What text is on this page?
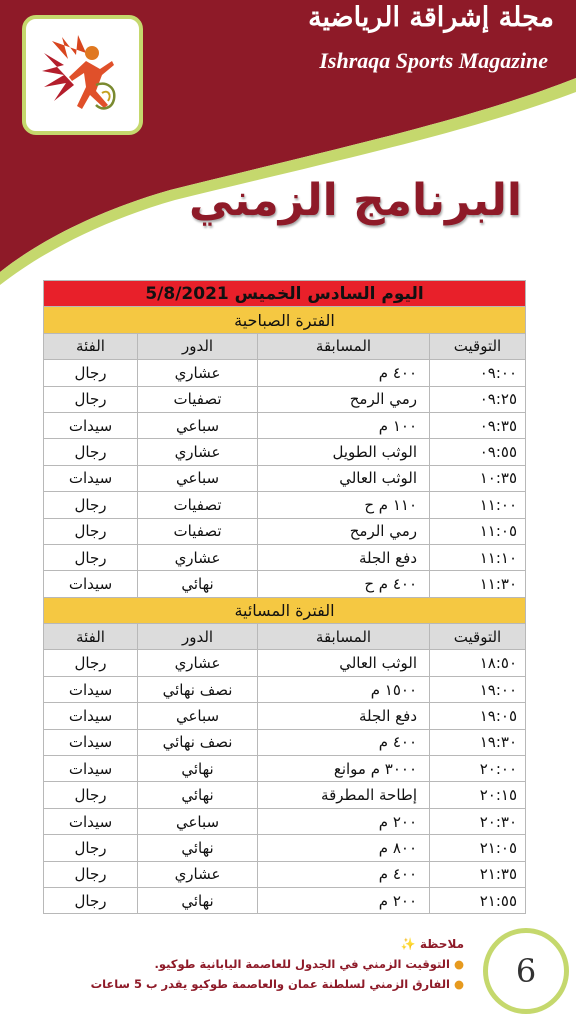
مجلة إشراقة الرياضية
Ishraqa Sports Magazine
البرنامج الزمني
اليوم السادس الخميس 5/8/2021			
الفترة الصباحية			
التوقيت	المسابقة	الدور	الفئة
٠٩:٠٠	٤٠٠ م	عشاري	رجال
٠٩:٢٥	رمي الرمح	تصفيات	رجال
٠٩:٣٥	١٠٠ م	سباعي	سيدات
٠٩:٥٥	الوثب الطويل	عشاري	رجال
١٠:٣٥	الوثب العالي	سباعي	سيدات
١١:٠٠	١١٠ م ح	تصفيات	رجال
١١:٠٥	رمي الرمح	تصفيات	رجال
١١:١٠	دفع الجلة	عشاري	رجال
١١:٣٠	٤٠٠ م ح	نهائي	سيدات
الفترة المسائية			
التوقيت	المسابقة	الدور	الفئة
١٨:٥٠	الوثب العالي	عشاري	رجال
١٩:٠٠	١٥٠٠ م	نصف نهائي	سيدات
١٩:٠٥	دفع الجلة	سباعي	سيدات
١٩:٣٠	٤٠٠ م	نصف نهائي	سيدات
٢٠:٠٠	٣٠٠٠ م موانع	نهائي	سيدات
٢٠:١٥	إطاحة المطرقة	نهائي	رجال
٢٠:٣٠	٢٠٠ م	سباعي	سيدات
٢١:٠٥	٨٠٠ م	نهائي	رجال
٢١:٣٥	٤٠٠ م	عشاري	رجال
٢١:٥٥	٢٠٠ م	نهائي	رجال
ملاحظة✨
●التوقيت الزمني في الجدول للعاصمة اليابانية طوكيو.
●الفارق الزمني لسلطنة عمان والعاصمة طوكيو يقدر ب 5 ساعات	6
